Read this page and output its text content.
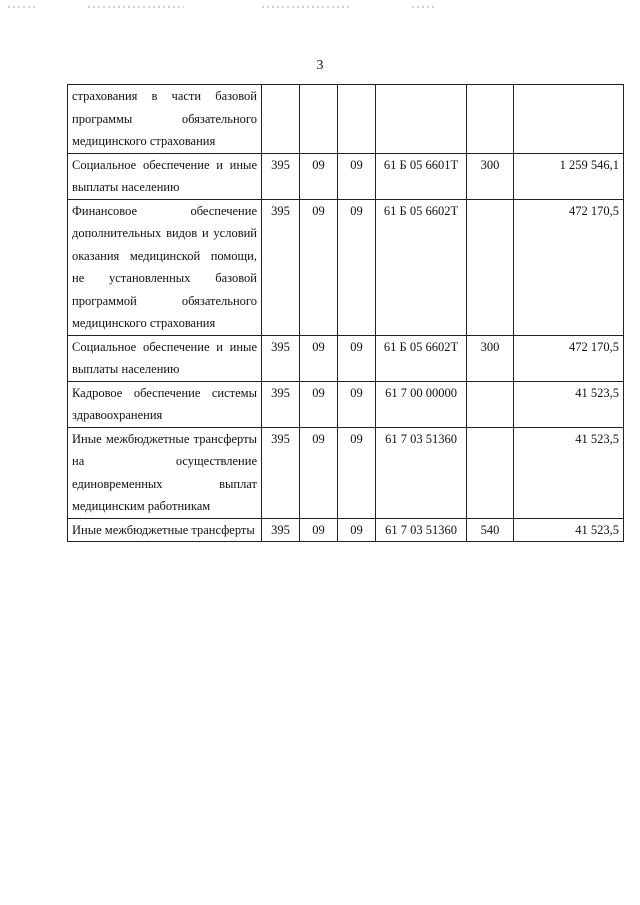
3
страхования в части базовой программы обязательного медицинского страхования						

Социальное обеспечение и иные выплаты населению	395	09	09	61 Б 05 6601Т	300	1 259 546,1

Финансовое обеспечение дополнительных видов и условий оказания медицинской помощи, не установленных базовой программой обязательного медицинского страхования	395	09	09	61 Б 05 6602Т		472 170,5

Социальное обеспечение и иные выплаты населению	395	09	09	61 Б 05 6602Т	300	472 170,5

Кадровое обеспечение системы здравоохранения	395	09	09	61 7 00 00000		41 523,5

Иные межбюджетные трансферты на осуществление единовременных выплат медицинским работникам	395	09	09	61 7 03 51360		41 523,5

Иные межбюджетные трансферты	395	09	09	61 7 03 51360	540	41 523,5
